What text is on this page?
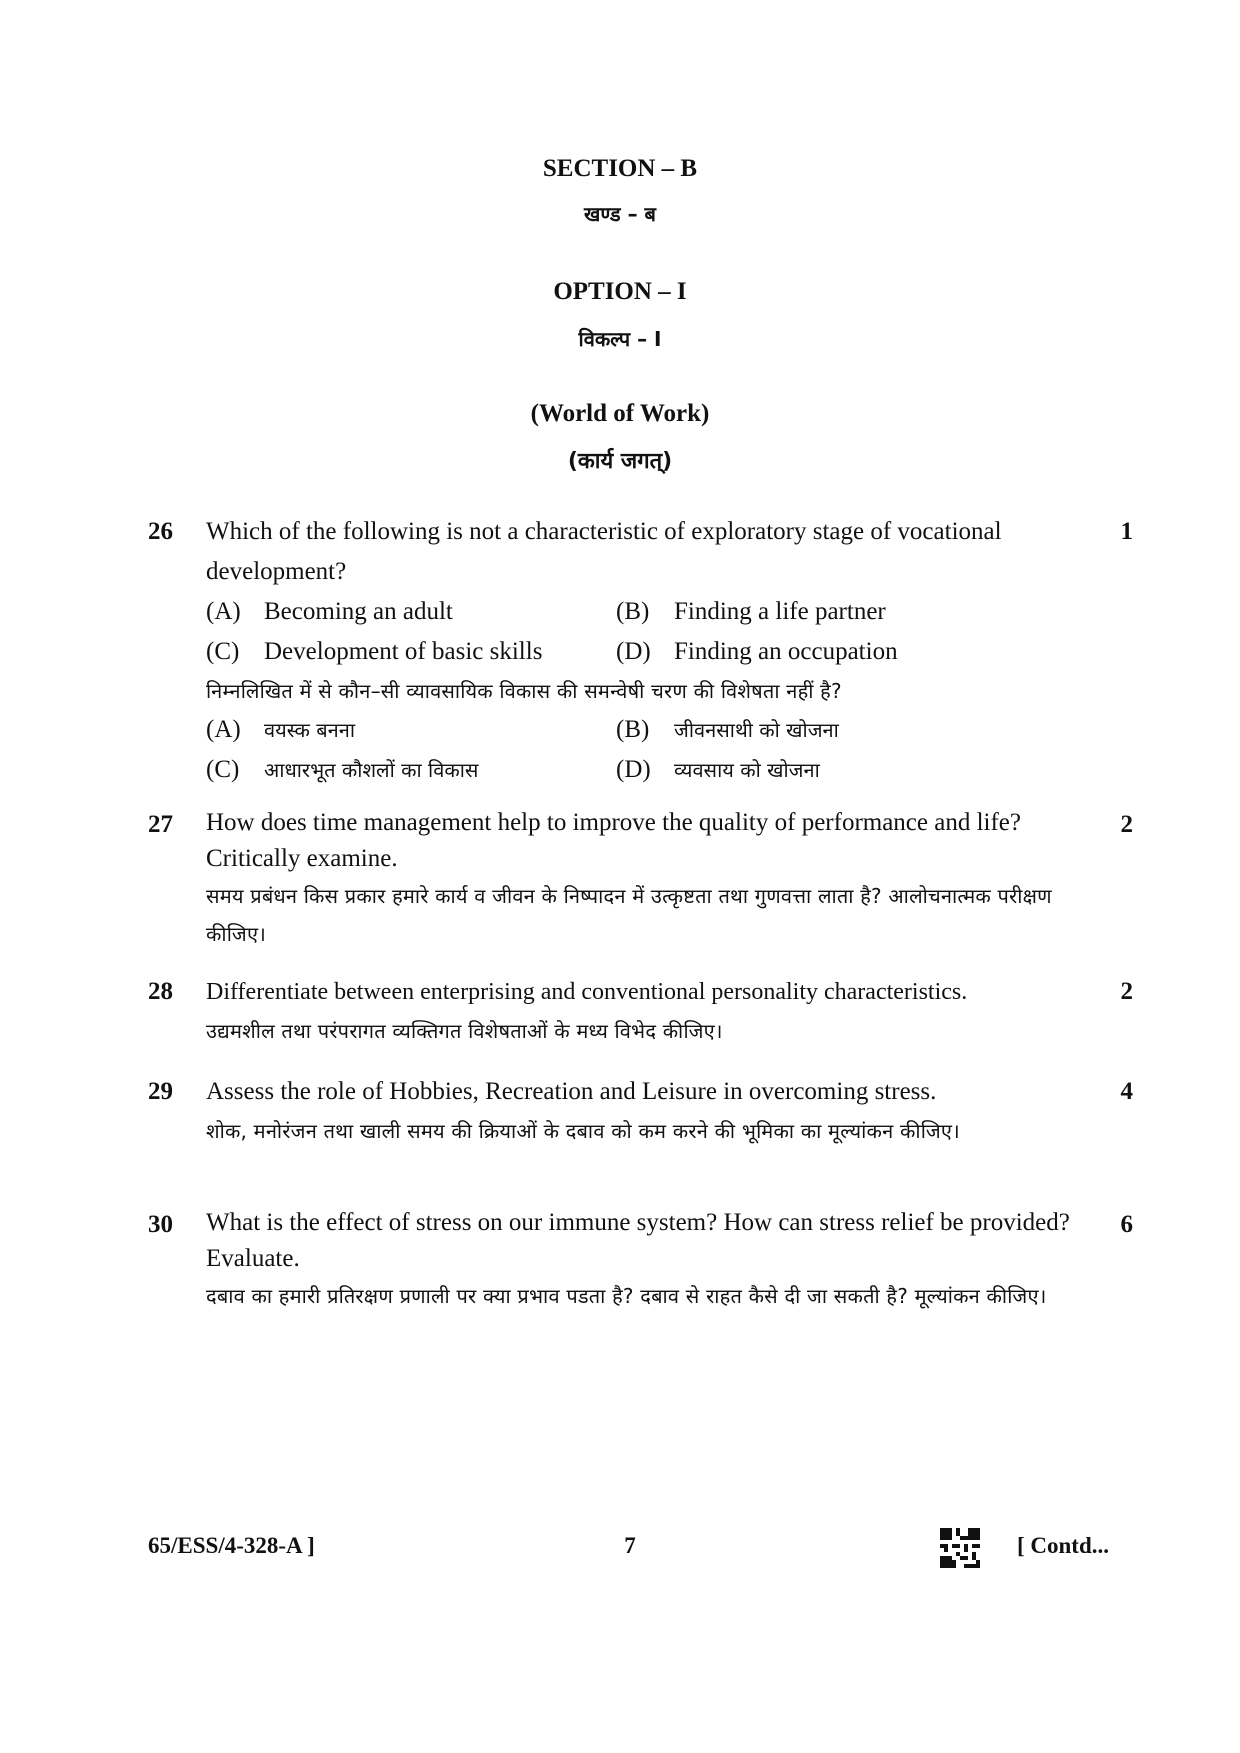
SECTION – B
खण्ड – ब
OPTION – I
विकल्प – I
(World of Work)
(कार्य जगत्)
26	Which of the following is not a characteristic of exploratory stage of vocational development?
(A) Becoming an adult	(B) Finding a life partner
(C) Development of basic skills	(D) Finding an occupation
निम्नलिखित में से कौन–सी व्यावसायिक विकास की समन्वेषी चरण की विशेषता नहीं है?
(A) वयस्क बनना	(B) जीवनसाथी को खोजना
(C) आधारभूत कौशलों का विकास	(D) व्यवसाय को खोजना
1
27	How does time management help to improve the quality of performance and life? Critically examine.
समय प्रबंधन किस प्रकार हमारे कार्य व जीवन के निष्पादन में उत्कृष्टता तथा गुणवत्ता लाता है? आलोचनात्मक परीक्षण कीजिए।
2
28	Differentiate between enterprising and conventional personality characteristics.
उद्यमशील तथा परंपरागत व्यक्तिगत विशेषताओं के मध्य विभेद कीजिए।
2
29	Assess the role of Hobbies, Recreation and Leisure in overcoming stress.
शोक, मनोरंजन तथा खाली समय की क्रियाओं के दबाव को कम करने की भूमिका का मूल्यांकन कीजिए।
4
30	What is the effect of stress on our immune system? How can stress relief be provided? Evaluate.
दबाव का हमारी प्रतिरक्षण प्रणाली पर क्या प्रभाव पडता है? दबाव से राहत कैसे दी जा सकती है? मूल्यांकन कीजिए।
6
65/ESS/4-328-A ]	7	[ Contd...
